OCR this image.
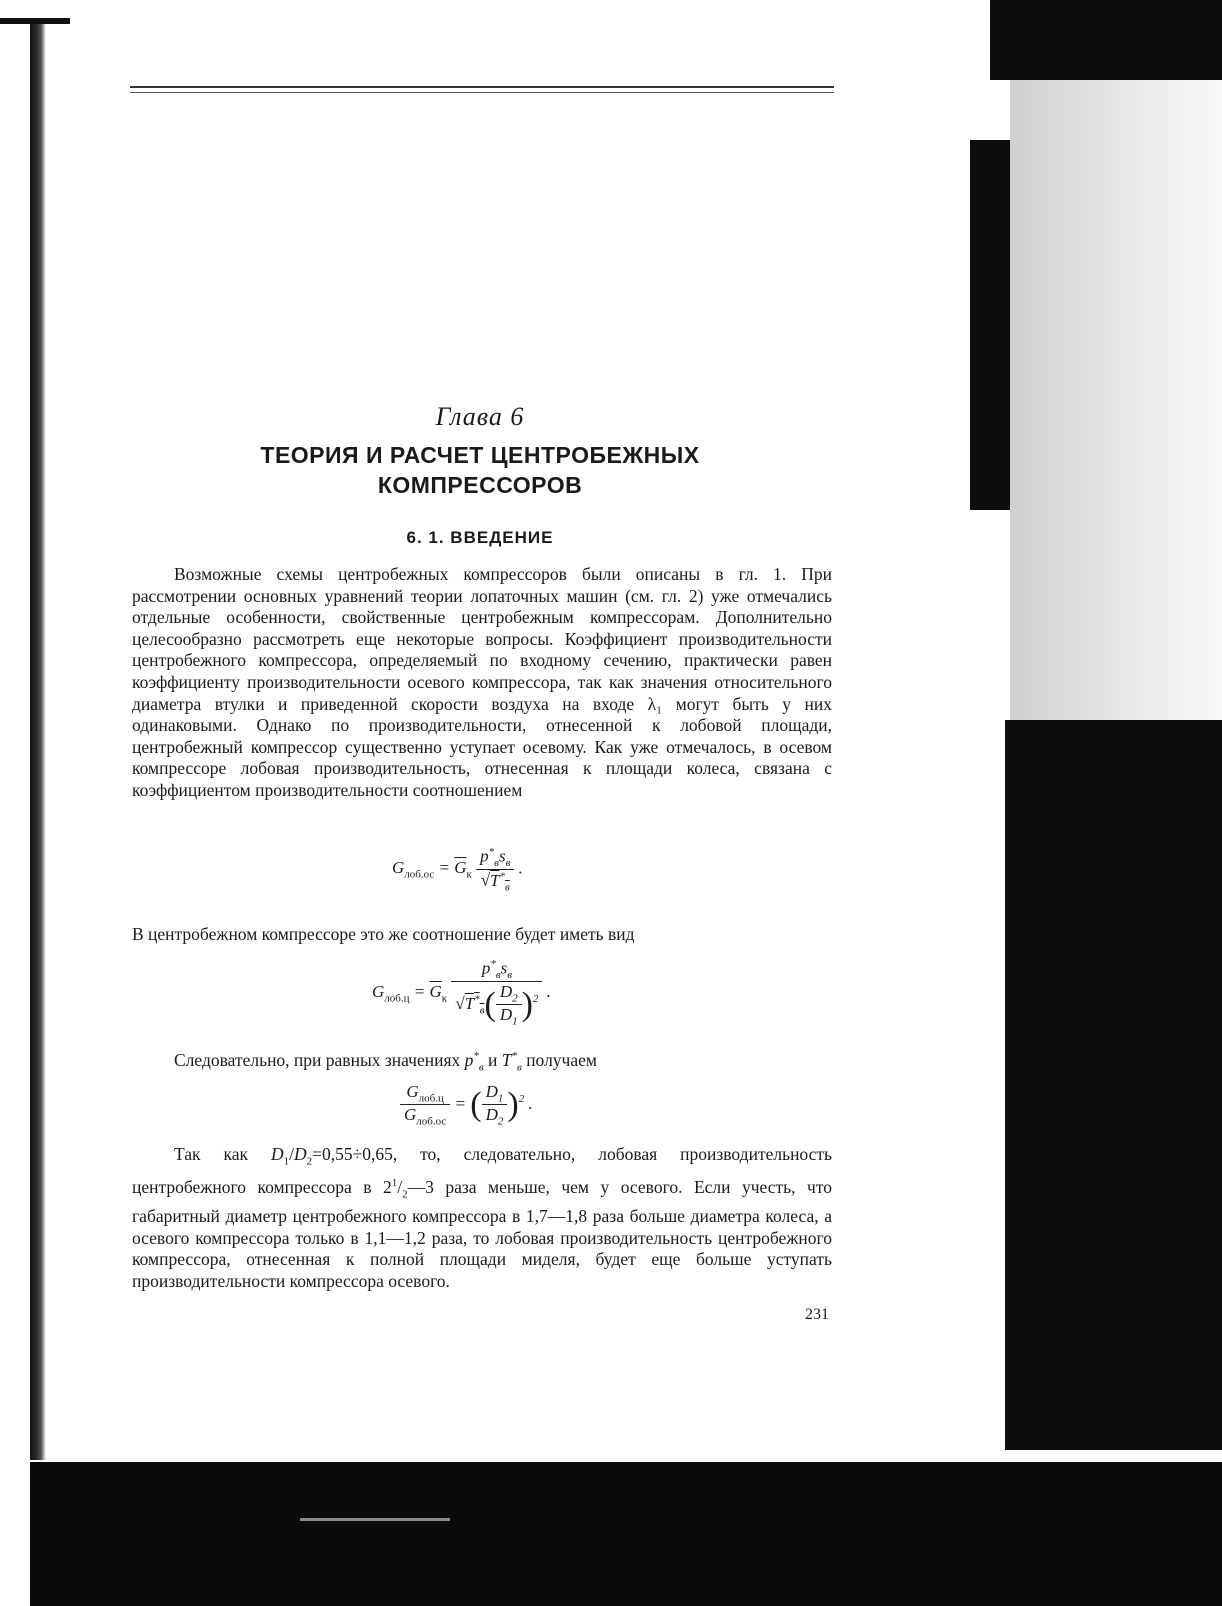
Глава 6
ТЕОРИЯ И РАСЧЕТ ЦЕНТРОБЕЖНЫХ
КОМПРЕССОРОВ
6. 1. ВВЕДЕНИЕ

Возможные схемы центробежных компрессоров были описаны в гл. 1. При рассмотрении основных уравнений теории лопаточных машин (см. гл. 2) уже отмечались отдельные особенности, свойственные центробежным компрессорам. Дополнительно целесообразно рассмотреть еще некоторые вопросы. Коэффициент производительности центробежного компрессора, определяемый по входному сечению, практически равен коэффициенту производительности осевого компрессора, так как значения относительного диаметра втулки и приведенной скорости воздуха на входе λ₁ могут быть у них одинаковыми. Однако по производительности, отнесенной к лобовой площади, центробежный компрессор существенно уступает осевому. Как уже отмечалось, в осевом компрессоре лобовая производительность, отнесенная к площади колеса, связана с коэффициентом производительности соотношением

$G_{лоб.ос} = \overline{G}_к \frac{p^*_вs_в}{√T^*_в}$ .

В центробежном компрессоре это же соотношение будет иметь вид

$G_{лоб.ц} = \overline{G}_к \frac{p^*_вs_в}{√T^*_в( \frac{D_2}{D_1} )^2}$ .

Следовательно, при равных значениях $p^*_в$ и $T^*_в$ получаем

$\frac{G_{лоб.ц}}{G_{лоб.ос}}$ = ( $\frac{D_1}{D_2} )^2$ .

Так как $D_1/D_2=0,55\div 0,65$, то, следовательно, лобовая производительность центробежного компрессора в $2^1/_2—3$ раза меньше, чем у осевого. Если учесть, что габаритный диаметр центробежного компрессора в 1,7—1,8 раза больше диаметра колеса, а осевого компрессора только в 1,1—1,2 раза, то лобовая производительность центробежного компрессора, отнесенная к полной площади миделя, будет еще больше уступать производительности компрессора осевого.

231
